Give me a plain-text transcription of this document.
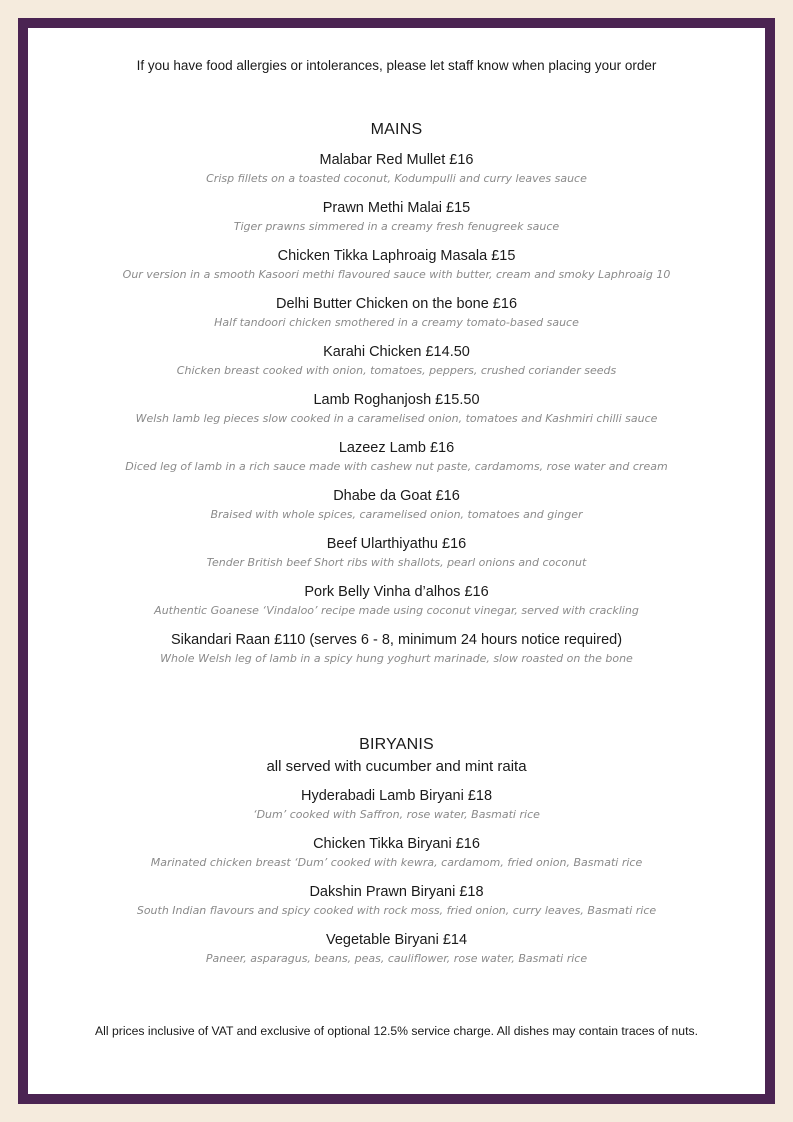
If you have food allergies or intolerances, please let staff know when placing your order
MAINS
Malabar Red Mullet £16
Crisp fillets on a toasted coconut, Kodumpulli and curry leaves sauce
Prawn Methi Malai £15
Tiger prawns simmered in a creamy fresh fenugreek sauce
Chicken Tikka Laphroaig Masala £15
Our version in a smooth Kasoori methi flavoured sauce with butter, cream and smoky Laphroaig 10
Delhi Butter Chicken on the bone £16
Half tandoori chicken smothered in a creamy tomato-based sauce
Karahi Chicken £14.50
Chicken breast cooked with onion, tomatoes, peppers, crushed coriander seeds
Lamb Roghanjosh £15.50
Welsh lamb leg pieces slow cooked in a caramelised onion, tomatoes and Kashmiri chilli sauce
Lazeez Lamb £16
Diced leg of lamb in a rich sauce made with cashew nut paste, cardamoms, rose water and cream
Dhabe da Goat £16
Braised with whole spices, caramelised onion, tomatoes and ginger
Beef Ularthiyathu £16
Tender British beef Short ribs with shallots, pearl onions and coconut
Pork Belly Vinha d’alhos £16
Authentic Goanese ‘Vindaloo’ recipe made using coconut vinegar, served with crackling
Sikandari Raan £110 (serves 6 - 8, minimum 24 hours notice required)
Whole Welsh leg of lamb in a spicy hung yoghurt marinade, slow roasted on the bone
BIRYANIS
all served with cucumber and mint raita
Hyderabadi Lamb Biryani £18
‘Dum’ cooked with Saffron, rose water, Basmati rice
Chicken Tikka Biryani £16
Marinated chicken breast ‘Dum’ cooked with kewra, cardamom, fried onion, Basmati rice
Dakshin Prawn Biryani £18
South Indian flavours and spicy cooked with rock moss, fried onion, curry leaves, Basmati rice
Vegetable Biryani £14
Paneer, asparagus, beans, peas, cauliflower, rose water, Basmati rice
All prices inclusive of VAT and exclusive of optional 12.5% service charge. All dishes may contain traces of nuts.
